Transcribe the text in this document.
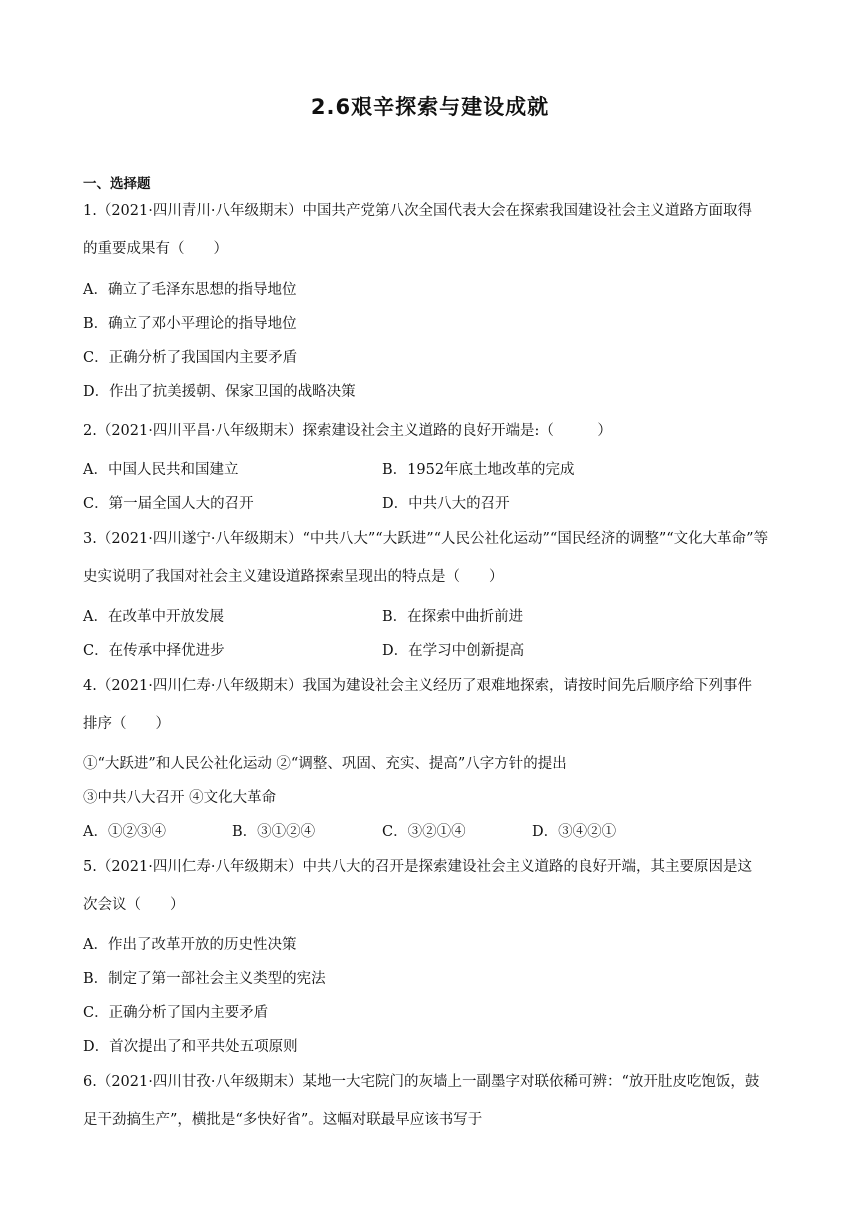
2.6艰辛探索与建设成就
一、选择题
1.（2021·四川青川·八年级期末）中国共产党第八次全国代表大会在探索我国建设社会主义道路方面取得
的重要成果有（　　）
A．确立了毛泽东思想的指导地位
B．确立了邓小平理论的指导地位
C．正确分析了我国国内主要矛盾
D．作出了抗美援朝、保家卫国的战略决策
2.（2021·四川平昌·八年级期末）探索建设社会主义道路的良好开端是:（　　　）
A．中国人民共和国建立	B．1952年底土地改革的完成
C．第一届全国人大的召开	D．中共八大的召开
3.（2021·四川遂宁·八年级期末）“中共八大”“大跃进”“人民公社化运动”“国民经济的调整”“文化大革命”等
史实说明了我国对社会主义建设道路探索呈现出的特点是（　　）
A．在改革中开放发展	B．在探索中曲折前进
C．在传承中择优进步	D．在学习中创新提高
4.（2021·四川仁寿·八年级期末）我国为建设社会主义经历了艰难地探索，请按时间先后顺序给下列事件
排序（　　）
①“大跃进”和人民公社化运动 ②“调整、巩固、充实、提高”八字方针的提出
③中共八大召开 ④文化大革命
A．①②③④	B．③①②④	C．③②①④	D．③④②①
5.（2021·四川仁寿·八年级期末）中共八大的召开是探索建设社会主义道路的良好开端，其主要原因是这
次会议（　　）
A．作出了改革开放的历史性决策
B．制定了第一部社会主义类型的宪法
C．正确分析了国内主要矛盾
D．首次提出了和平共处五项原则
6.（2021·四川甘孜·八年级期末）某地一大宅院门的灰墙上一副墨字对联依稀可辨：“放开肚皮吃饱饭，鼓
足干劲搞生产”，横批是“多快好省”。这幅对联最早应该书写于
